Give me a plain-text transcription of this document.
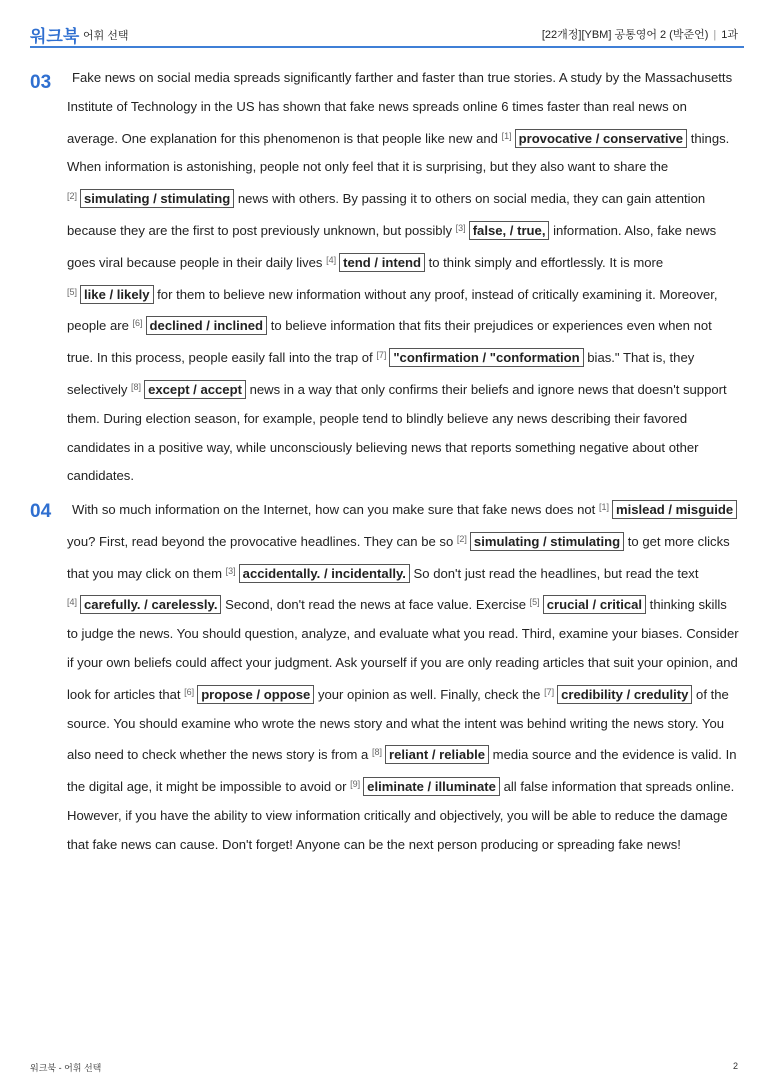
워크북 어휘 선택	[22개정][YBM] 공통영어 2 (박준언) | 1과
03	Fake news on social media spreads significantly farther and faster than true stories. A study by the Massachusetts Institute of Technology in the US has shown that fake news spreads online 6 times faster than real news on average. One explanation for this phenomenon is that people like new and [1] provocative / conservative things. When information is astonishing, people not only feel that it is surprising, but they also want to share the [2] simulating / stimulating news with others. By passing it to others on social media, they can gain attention because they are the first to post previously unknown, but possibly [3] false, / true, information. Also, fake news goes viral because people in their daily lives [4] tend / intend to think simply and effortlessly. It is more [5] like / likely for them to believe new information without any proof, instead of critically examining it. Moreover, people are [6] declined / inclined to believe information that fits their prejudices or experiences even when not true. In this process, people easily fall into the trap of [7] "confirmation / "conformation bias." That is, they selectively [8] except / accept news in a way that only confirms their beliefs and ignore news that doesn't support them. During election season, for example, people tend to blindly believe any news describing their favored candidates in a positive way, while unconsciously believing news that reports something negative about other candidates.

04	With so much information on the Internet, how can you make sure that fake news does not [1] mislead / misguide you? First, read beyond the provocative headlines. They can be so [2] simulating / stimulating to get more clicks that you may click on them [3] accidentally. / incidentally. So don't just read the headlines, but read the text [4] carefully. / carelessly. Second, don't read the news at face value. Exercise [5] crucial / critical thinking skills to judge the news. You should question, analyze, and evaluate what you read. Third, examine your biases. Consider if your own beliefs could affect your judgment. Ask yourself if you are only reading articles that suit your opinion, and look for articles that [6] propose / oppose your opinion as well. Finally, check the [7] credibility / credulity of the source. You should examine who wrote the news story and what the intent was behind writing the news story. You also need to check whether the news story is from a [8] reliant / reliable media source and the evidence is valid. In the digital age, it might be impossible to avoid or [9] eliminate / illuminate all false information that spreads online. However, if you have the ability to view information critically and objectively, you will be able to reduce the damage that fake news can cause. Don't forget! Anyone can be the next person producing or spreading fake news!

워크북 - 어휘 선택	2
